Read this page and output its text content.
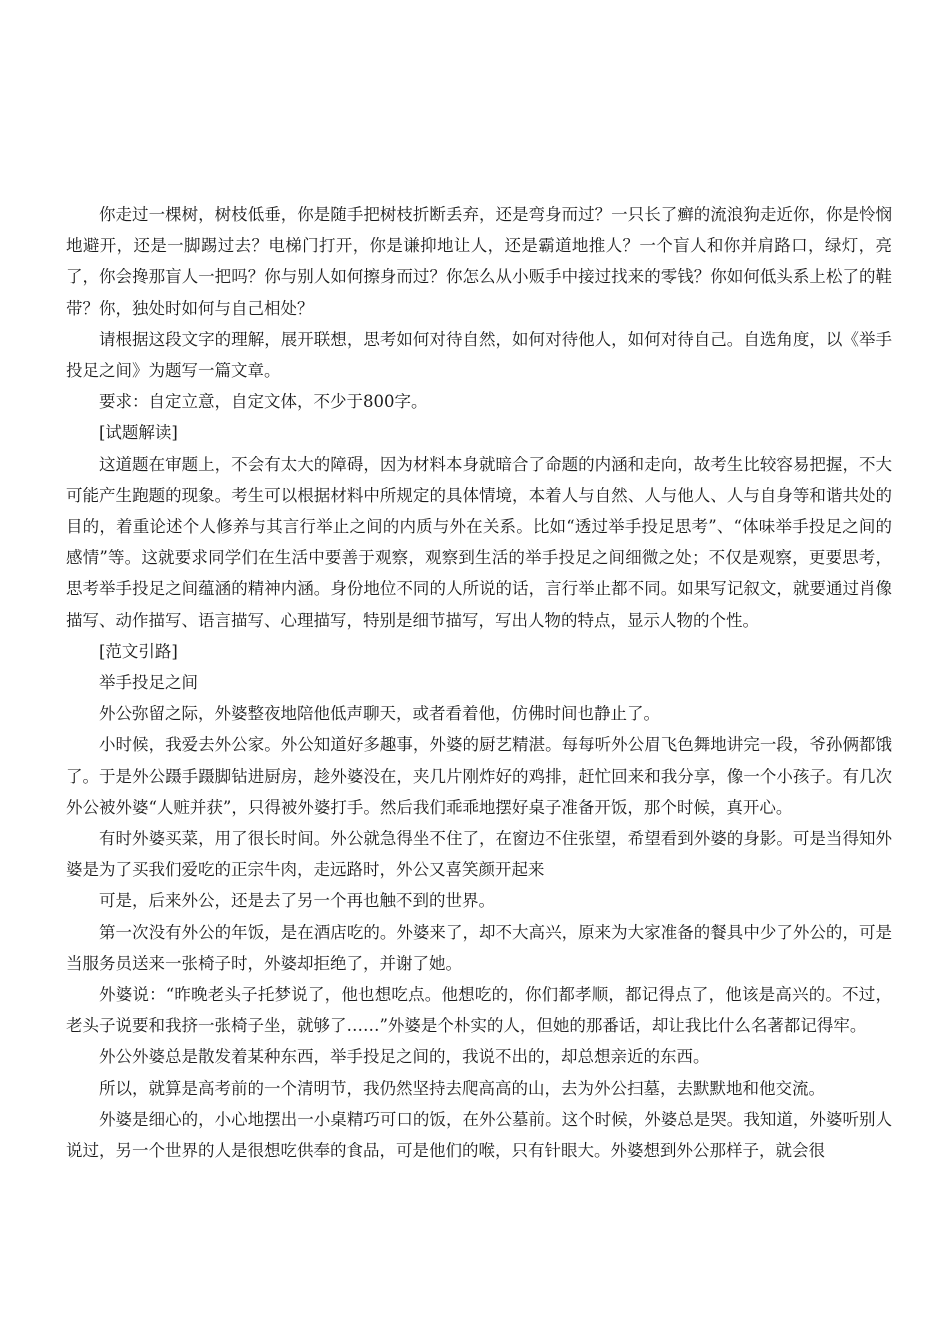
你走过一棵树，树枝低垂，你是随手把树枝折断丢弃，还是弯身而过？一只长了癣的流浪狗走近你，你是怜悯地避开，还是一脚踢过去？电梯门打开，你是谦抑地让人，还是霸道地推人？一个盲人和你并肩路口，绿灯，亮了，你会搀那盲人一把吗？你与别人如何擦身而过？你怎么从小贩手中接过找来的零钱？你如何低头系上松了的鞋带？你，独处时如何与自己相处？

请根据这段文字的理解，展开联想，思考如何对待自然，如何对待他人，如何对待自己。自选角度，以《举手投足之间》为题写一篇文章。

要求：自定立意，自定文体，不少于800字。

[试题解读]

这道题在审题上，不会有太大的障碍，因为材料本身就暗合了命题的内涵和走向，故考生比较容易把握，不大可能产生跑题的现象。考生可以根据材料中所规定的具体情境，本着人与自然、人与他人、人与自身等和谐共处的目的，着重论述个人修养与其言行举止之间的内质与外在关系。比如“透过举手投足思考”、“体味举手投足之间的感情”等。这就要求同学们在生活中要善于观察，观察到生活的举手投足之间细微之处；不仅是观察，更要思考，思考举手投足之间蕴涵的精神内涵。身份地位不同的人所说的话，言行举止都不同。如果写记叙文，就要通过肖像描写、动作描写、语言描写、心理描写，特别是细节描写，写出人物的特点，显示人物的个性。

[范文引路]

举手投足之间

外公弥留之际，外婆整夜地陪他低声聊天，或者看着他，仿佛时间也静止了。

小时候，我爱去外公家。外公知道好多趣事，外婆的厨艺精湛。每每听外公眉飞色舞地讲完一段，爷孙俩都饿了。于是外公蹑手蹑脚钻进厨房，趁外婆没在，夹几片刚炸好的鸡排，赶忙回来和我分享，像一个小孩子。有几次外公被外婆“人赃并获”，只得被外婆打手。然后我们乖乖地摆好桌子准备开饭，那个时候，真开心。

有时外婆买菜，用了很长时间。外公就急得坐不住了，在窗边不住张望，希望看到外婆的身影。可是当得知外婆是为了买我们爱吃的正宗牛肉，走远路时，外公又喜笑颜开起来

可是，后来外公，还是去了另一个再也触不到的世界。

第一次没有外公的年饭，是在酒店吃的。外婆来了，却不大高兴，原来为大家准备的餐具中少了外公的，可是当服务员送来一张椅子时，外婆却拒绝了，并谢了她。

外婆说：“昨晚老头子托梦说了，他也想吃点。他想吃的，你们都孝顺，都记得点了，他该是高兴的。不过，老头子说要和我挤一张椅子坐，就够了……”外婆是个朴实的人，但她的那番话，却让我比什么名著都记得牢。

外公外婆总是散发着某种东西，举手投足之间的，我说不出的，却总想亲近的东西。

所以，就算是高考前的一个清明节，我仍然坚持去爬高高的山，去为外公扫墓，去默默地和他交流。

外婆是细心的，小心地摆出一小桌精巧可口的饭，在外公墓前。这个时候，外婆总是哭。我知道，外婆听别人说过，另一个世界的人是很想吃供奉的食品，可是他们的喉，只有针眼大。外婆想到外公那样子，就会很
